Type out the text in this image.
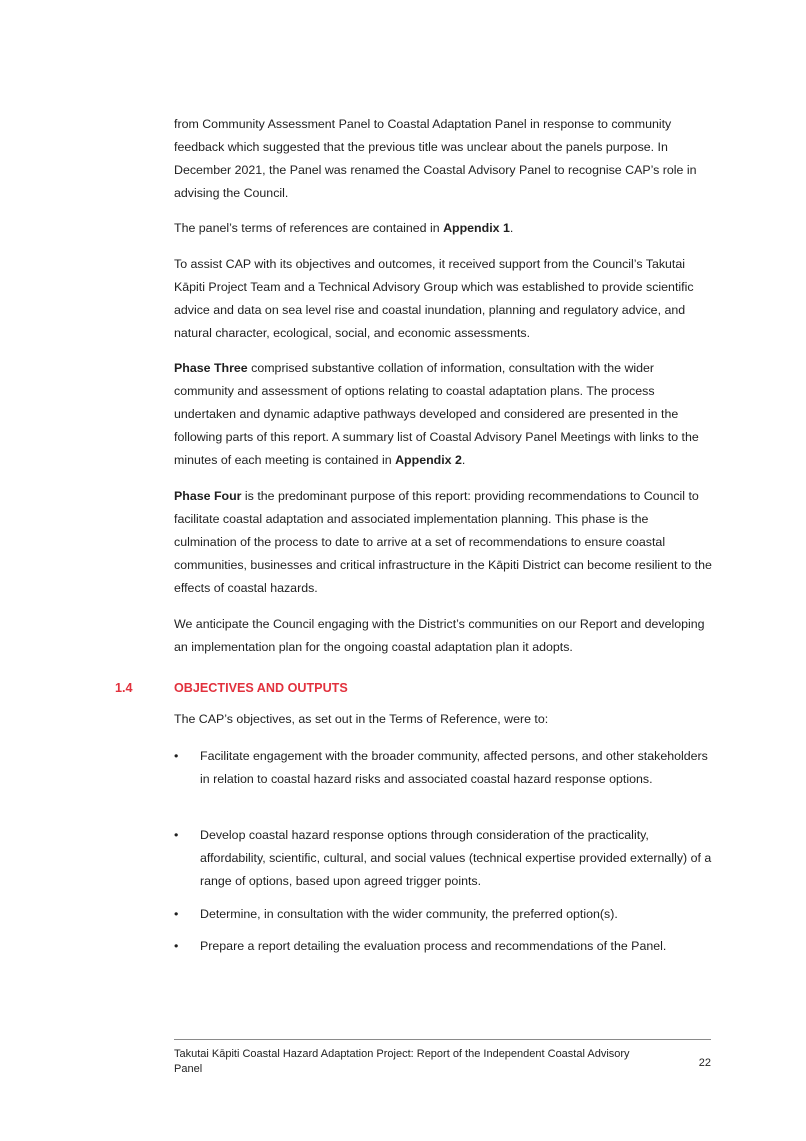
from Community Assessment Panel to Coastal Adaptation Panel in response to community feedback which suggested that the previous title was unclear about the panels purpose. In December 2021, the Panel was renamed the Coastal Advisory Panel to recognise CAP’s role in advising the Council.

The panel’s terms of references are contained in Appendix 1.

To assist CAP with its objectives and outcomes, it received support from the Council’s Takutai Kāpiti Project Team and a Technical Advisory Group which was established to provide scientific advice and data on sea level rise and coastal inundation, planning and regulatory advice, and natural character, ecological, social, and economic assessments.

Phase Three comprised substantive collation of information, consultation with the wider community and assessment of options relating to coastal adaptation plans. The process undertaken and dynamic adaptive pathways developed and considered are presented in the following parts of this report. A summary list of Coastal Advisory Panel Meetings with links to the minutes of each meeting is contained in Appendix 2.

Phase Four is the predominant purpose of this report: providing recommendations to Council to facilitate coastal adaptation and associated implementation planning. This phase is the culmination of the process to date to arrive at a set of recommendations to ensure coastal communities, businesses and critical infrastructure in the Kāpiti District can become resilient to the effects of coastal hazards.

We anticipate the Council engaging with the District’s communities on our Report and developing an implementation plan for the ongoing coastal adaptation plan it adopts.

1.4	OBJECTIVES AND OUTPUTS

The CAP’s objectives, as set out in the Terms of Reference, were to:

•	Facilitate engagement with the broader community, affected persons, and other stakeholders in relation to coastal hazard risks and associated coastal hazard response options.
•	Develop coastal hazard response options through consideration of the practicality, affordability, scientific, cultural, and social values (technical expertise provided externally) of a range of options, based upon agreed trigger points.
•	Determine, in consultation with the wider community, the preferred option(s).
•	Prepare a report detailing the evaluation process and recommendations of the Panel.
Takutai Kāpiti Coastal Hazard Adaptation Project: Report of the Independent Coastal Advisory Panel	22
